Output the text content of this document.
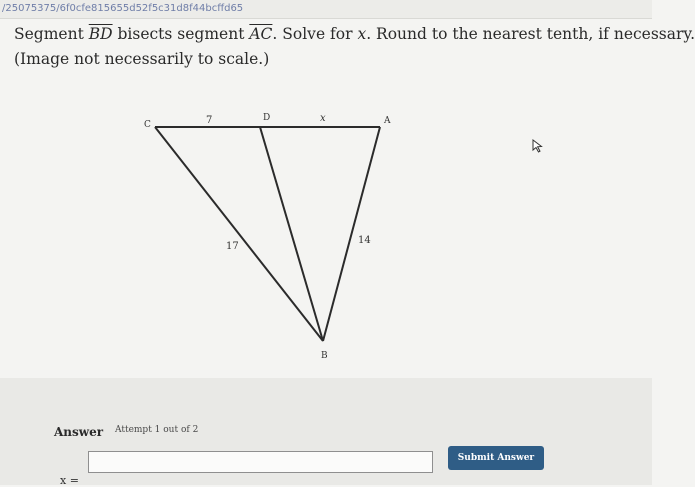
/25075375/6f0cfe815655d52f5c31d8f44bcffd65
Segment $\overline{BD}$ bisects segment $\overline{AC}$. Solve for x. Round to the nearest tenth, if necessary.
(Image not necessarily to scale.)
C
D	A
B
7	x
17
14
Answer Attempt 1 out of 2
x =
Submit Answer
